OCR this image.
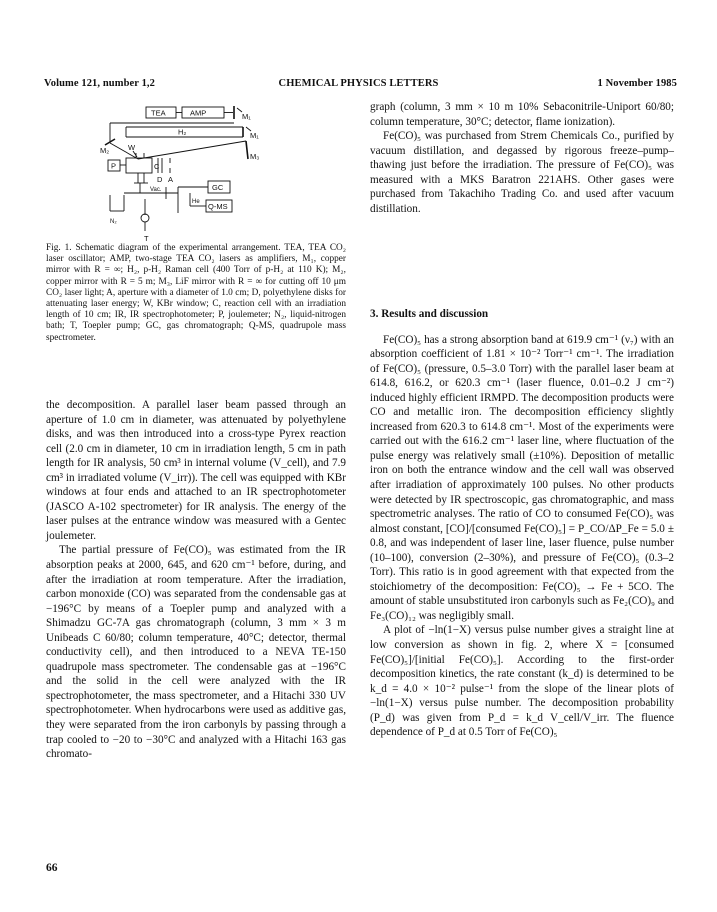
Volume 121, number 1,2	CHEMICAL PHYSICS LETTERS	1 November 1985
TEA	AMP	M₁
H₂	M₁
M₂	W
P	C
D A
M₃
GC
Q-MS
T
Vac.
He
N₂
Fig. 1. Schematic diagram of the experimental arrangement. TEA, TEA CO₂ laser oscillator; AMP, two-stage TEA CO₂ lasers as amplifiers, M₁, copper mirror with R = ∞; H₂, p-H₂ Raman cell (400 Torr of p-H₂ at 110 K); M₂, copper mirror with R = 5 m; M₃, LiF mirror with R = ∞ for cutting off 10 μm CO₂ laser light; A, aperture with a diameter of 1.0 cm; D, polyethylene disks for attenuating laser energy; W, KBr window; C, reaction cell with an irradiation length of 10 cm; IR, IR spectrophotometer; P, joulemeter; N₂, liquid-nitrogen bath; T, Toepler pump; GC, gas chromatograph; Q-MS, quadrupole mass spectrometer.

the decomposition. A parallel laser beam passed through an aperture of 1.0 cm in diameter, was attenuated by polyethylene disks, and was then introduced into a cross-type Pyrex reaction cell (2.0 cm in diameter, 10 cm in irradiation length, 5 cm in path length for IR analysis, 50 cm³ in internal volume (V_cell), and 7.9 cm³ in irradiated volume (V_irr)). The cell was equipped with KBr windows at four ends and attached to an IR spectrophotometer (JASCO A-102 spectrometer) for IR analysis. The energy of the laser pulses at the entrance window was measured with a Gentec joulemeter.

The partial pressure of Fe(CO)₅ was estimated from the IR absorption peaks at 2000, 645, and 620 cm⁻¹ before, during, and after the irradiation at room temperature. After the irradiation, carbon monoxide (CO) was separated from the condensable gas at −196°C by means of a Toepler pump and analyzed with a Shimadzu GC-7A gas chromatograph (column, 3 mm × 3 m Unibeads C 60/80; column temperature, 40°C; detector, thermal conductivity cell), and then introduced to a NEVA TE-150 quadrupole mass spectrometer. The condensable gas at −196°C and the solid in the cell were analyzed with the IR spectrophotometer, the mass spectrometer, and a Hitachi 330 UV spectrophotometer. When hydrocarbons were used as additive gas, they were separated from the iron carbonyls by passing through a trap cooled to −20 to −30°C and analyzed with a Hitachi 163 gas chromato-

graph (column, 3 mm × 10 m 10% Sebaconitrile-Uniport 60/80; column temperature, 30°C; detector, flame ionization).

Fe(CO)₅ was purchased from Strem Chemicals Co., purified by vacuum distillation, and degassed by rigorous freeze–pump–thawing just before the irradiation. The pressure of Fe(CO)₅ was measured with a MKS Baratron 221AHS. Other gases were purchased from Takachiho Trading Co. and used after vacuum distillation.

3. Results and discussion

Fe(CO)₅ has a strong absorption band at 619.9 cm⁻¹ (ν₇) with an absorption coefficient of 1.81 × 10⁻² Torr⁻¹ cm⁻¹. The irradiation of Fe(CO)₅ (pressure, 0.5–3.0 Torr) with the parallel laser beam at 614.8, 616.2, or 620.3 cm⁻¹ (laser fluence, 0.01–0.2 J cm⁻²) induced highly efficient IRMPD. The decomposition products were CO and metallic iron. The decomposition efficiency slightly increased from 620.3 to 614.8 cm⁻¹. Most of the experiments were carried out with the 616.2 cm⁻¹ laser line, where fluctuation of the pulse energy was relatively small (±10%). Deposition of metallic iron on both the entrance window and the cell wall was observed after irradiation of approximately 100 pulses. No other products were detected by IR spectroscopic, gas chromatographic, and mass spectrometric analyses. The ratio of CO to consumed Fe(CO)₅ was almost constant, [CO]/[consumed Fe(CO)₅] = P_CO/ΔP_Fe = 5.0 ± 0.8, and was independent of laser line, laser fluence, pulse number (10–100), conversion (2–30%), and pressure of Fe(CO)₅ (0.3–2 Torr). This ratio is in good agreement with that expected from the stoichiometry of the decomposition: Fe(CO)₅ → Fe + 5CO. The amount of stable unsubstituted iron carbonyls such as Fe₂(CO)₉ and Fe₃(CO)₁₂ was negligibly small.

A plot of −ln(1−X) versus pulse number gives a straight line at low conversion as shown in fig. 2, where X = [consumed Fe(CO)₅]/[initial Fe(CO)₅]. According to the first-order decomposition kinetics, the rate constant (k_d) is determined to be k_d = 4.0 × 10⁻² pulse⁻¹ from the slope of the linear plots of −ln(1−X) versus pulse number. The decomposition probability (P_d) was given from P_d = k_d V_cell/V_irr. The fluence dependence of P_d at 0.5 Torr of Fe(CO)₅

66
